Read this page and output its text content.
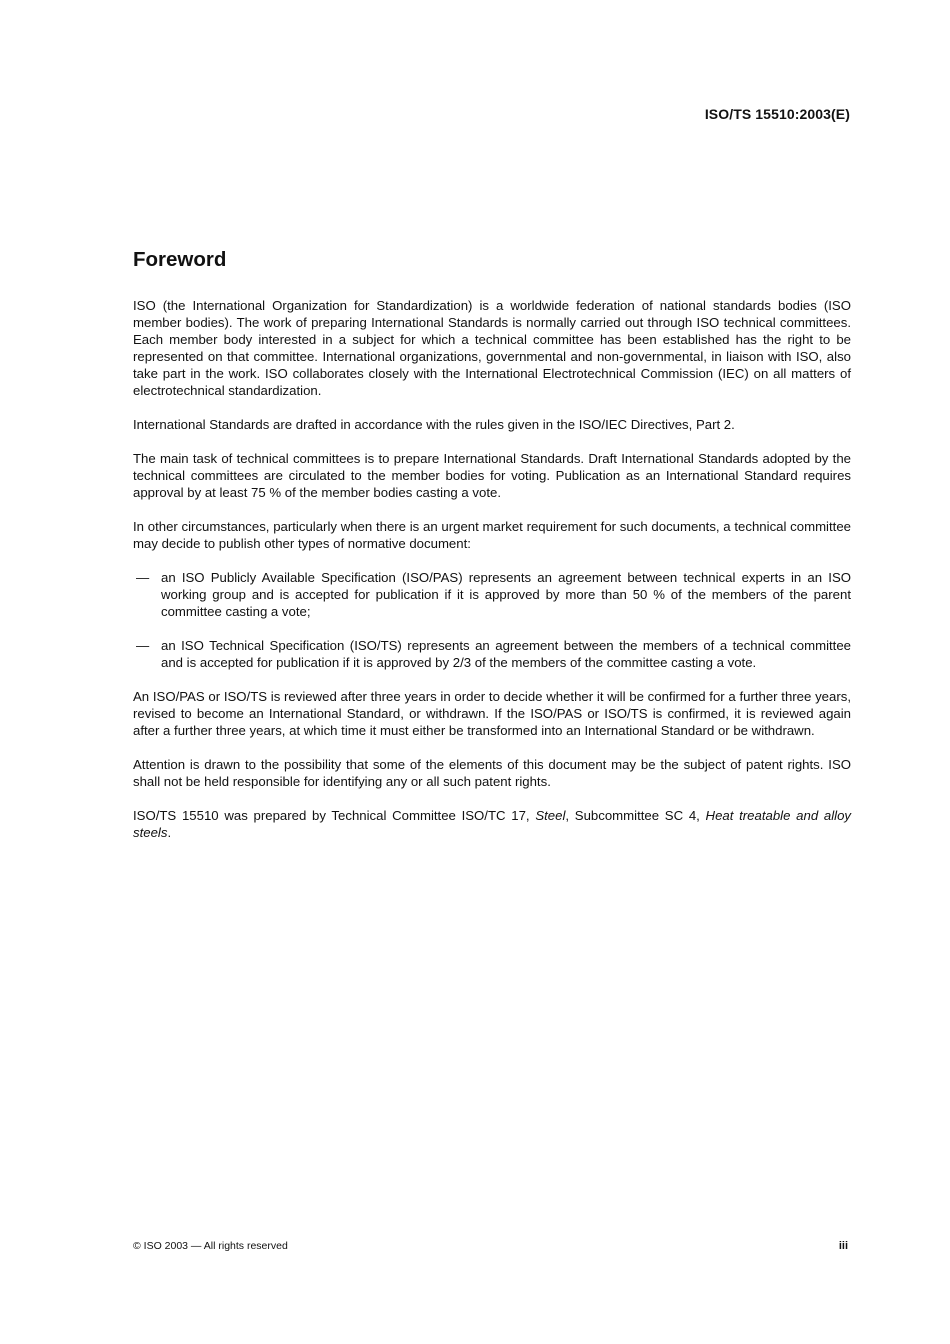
ISO/TS 15510:2003(E)
Foreword

ISO (the International Organization for Standardization) is a worldwide federation of national standards bodies (ISO member bodies). The work of preparing International Standards is normally carried out through ISO technical committees. Each member body interested in a subject for which a technical committee has been established has the right to be represented on that committee. International organizations, governmental and non-governmental, in liaison with ISO, also take part in the work. ISO collaborates closely with the International Electrotechnical Commission (IEC) on all matters of electrotechnical standardization.

International Standards are drafted in accordance with the rules given in the ISO/IEC Directives, Part 2.

The main task of technical committees is to prepare International Standards. Draft International Standards adopted by the technical committees are circulated to the member bodies for voting. Publication as an International Standard requires approval by at least 75 % of the member bodies casting a vote.

In other circumstances, particularly when there is an urgent market requirement for such documents, a technical committee may decide to publish other types of normative document:

— an ISO Publicly Available Specification (ISO/PAS) represents an agreement between technical experts in an ISO working group and is accepted for publication if it is approved by more than 50 % of the members of the parent committee casting a vote;
— an ISO Technical Specification (ISO/TS) represents an agreement between the members of a technical committee and is accepted for publication if it is approved by 2/3 of the members of the committee casting a vote.

An ISO/PAS or ISO/TS is reviewed after three years in order to decide whether it will be confirmed for a further three years, revised to become an International Standard, or withdrawn. If the ISO/PAS or ISO/TS is confirmed, it is reviewed again after a further three years, at which time it must either be transformed into an International Standard or be withdrawn.

Attention is drawn to the possibility that some of the elements of this document may be the subject of patent rights. ISO shall not be held responsible for identifying any or all such patent rights.

ISO/TS 15510 was prepared by Technical Committee ISO/TC 17, Steel, Subcommittee SC 4, Heat treatable and alloy steels.

© ISO 2003 — All rights reserved	iii
